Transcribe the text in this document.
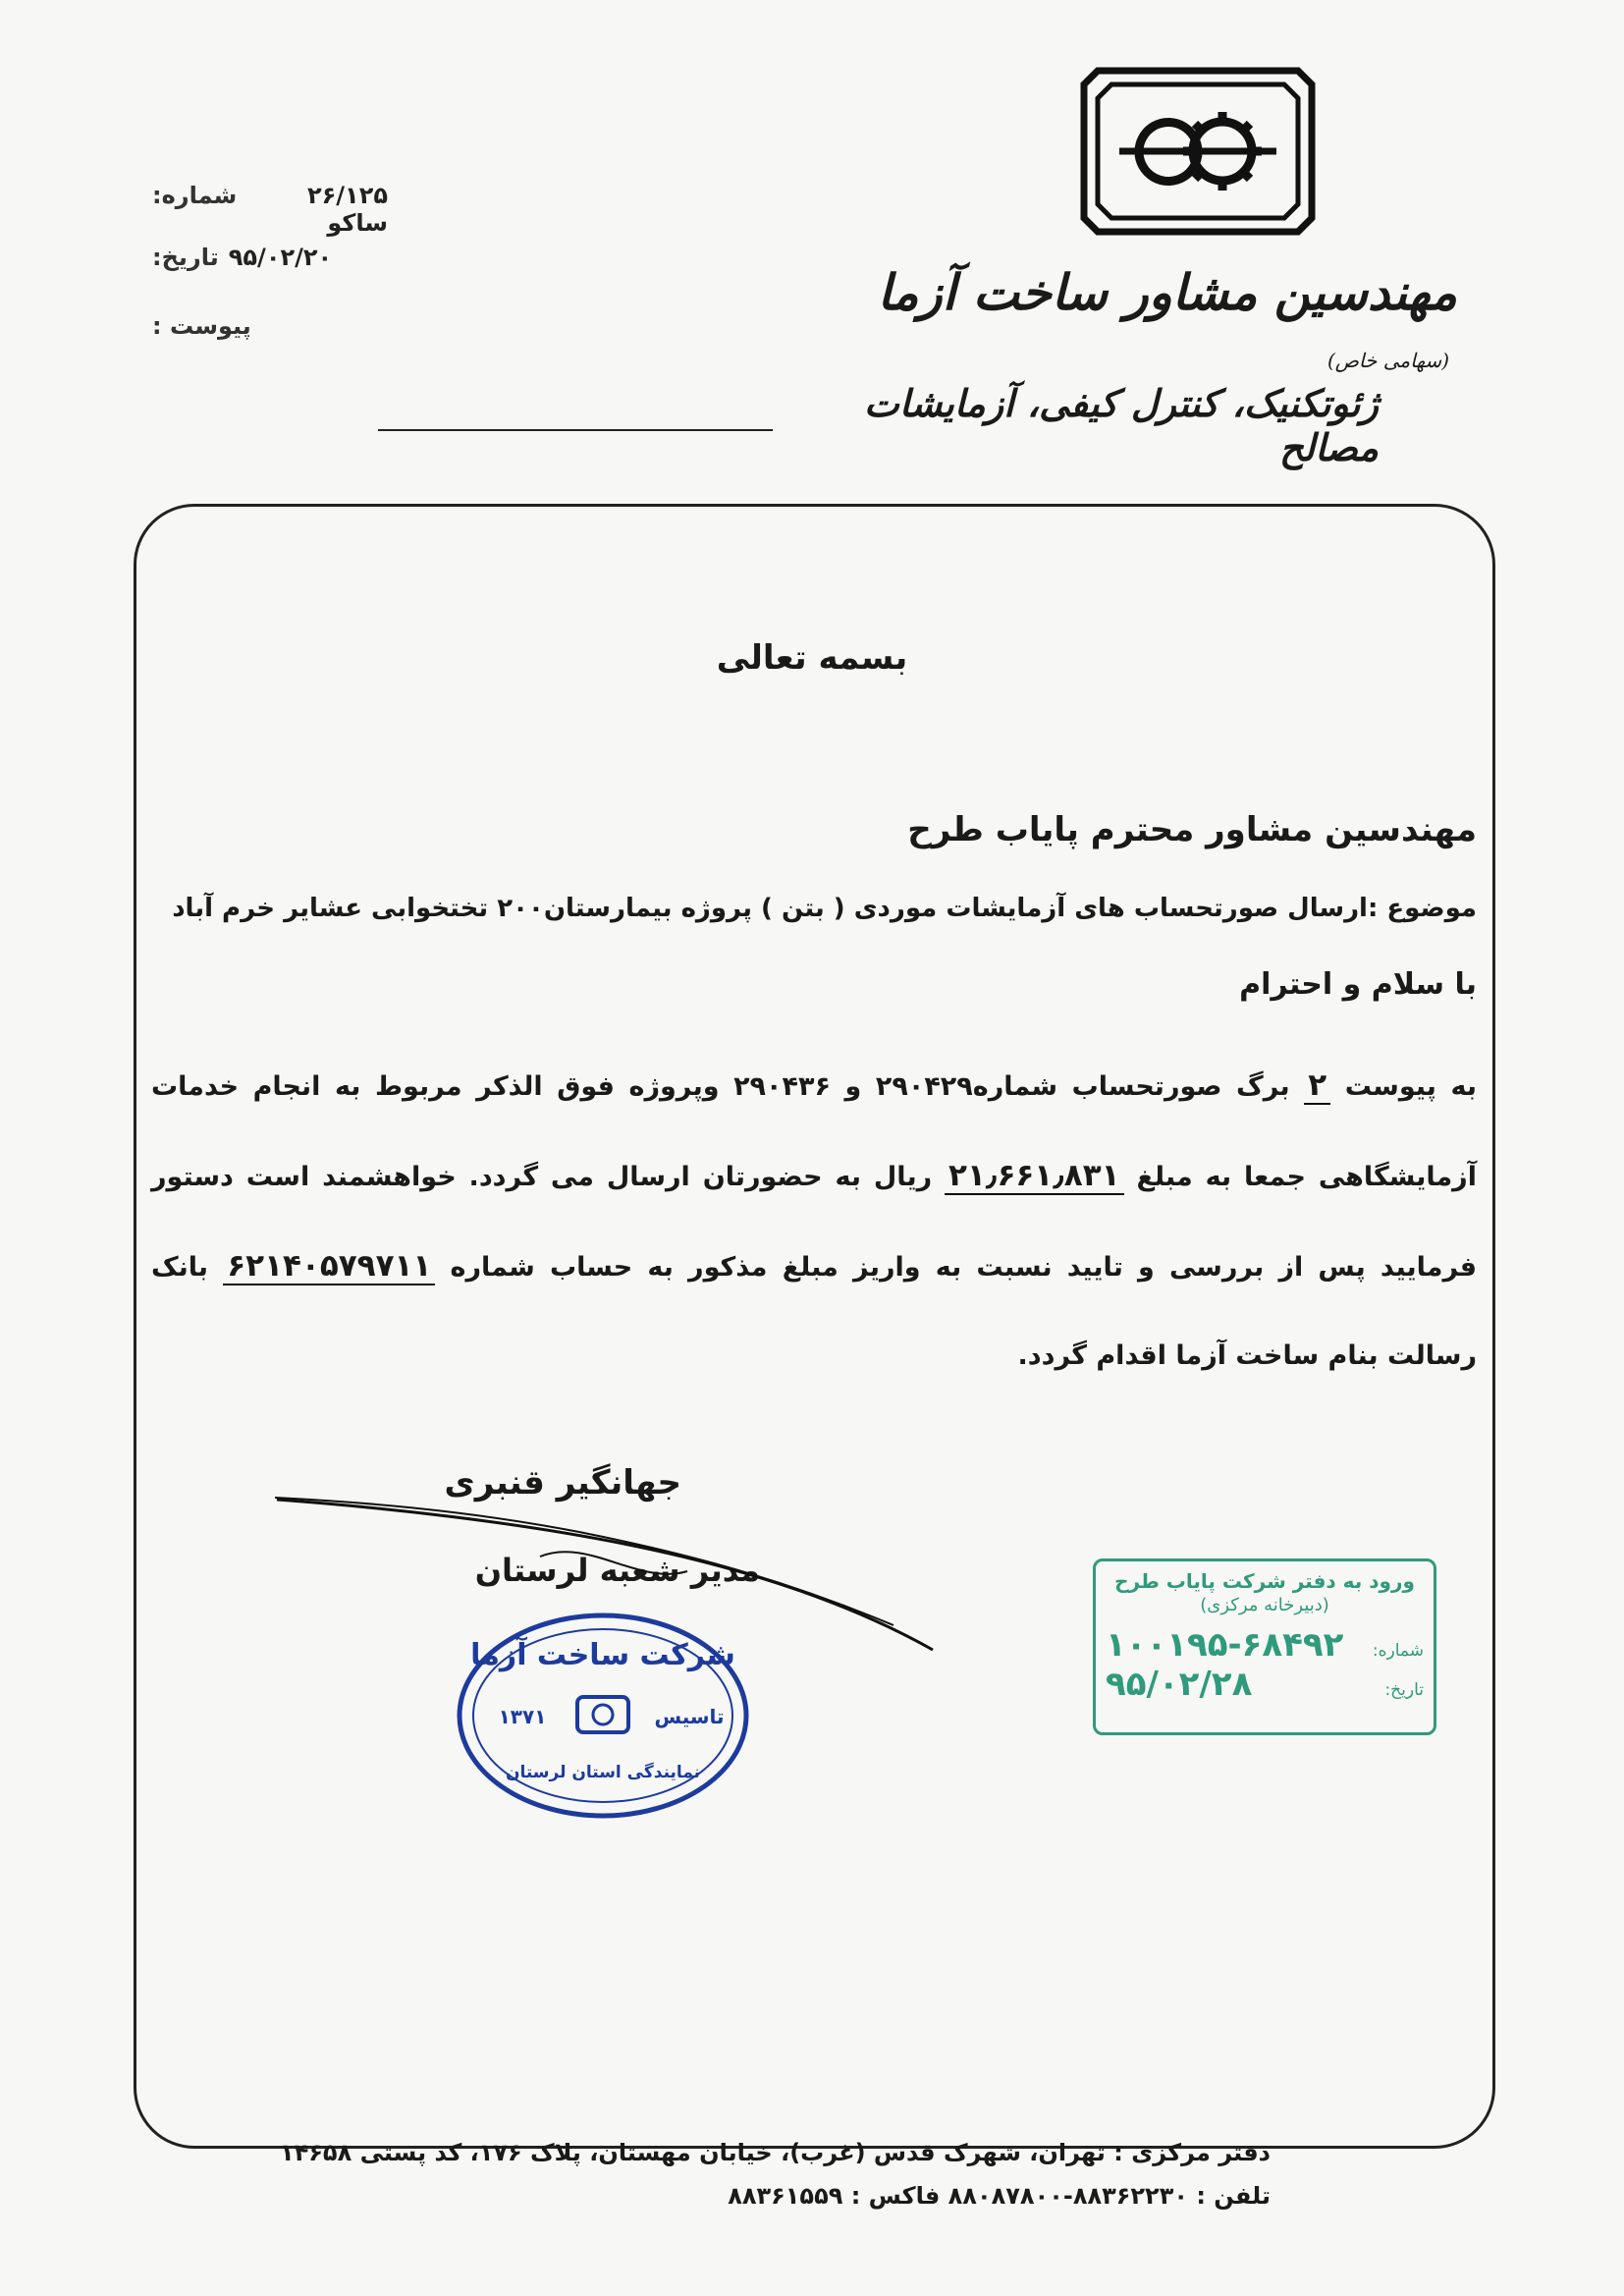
مهندسین مشاور ساخت آزما (سهامی خاص)
ژئوتکنیک، کنترل کیفی، آزمایشات مصالح
شماره:	۲۶/۱۲۵ ساکو
تاریخ: ۹۵/۰۲/۲۰
پیوست :
بسمه تعالی
مهندسین مشاور محترم پایاب طرح
موضوع :ارسال صورتحساب های آزمایشات موردی ( بتن ) پروژه بیمارستان۲۰۰ تختخوابی عشایر خرم آباد
با سلام و احترام
به پیوست ۲ برگ صورتحساب شماره۲۹۰۴۲۹ و ۲۹۰۴۳۶ وپروژه فوق الذکر مربوط به انجام خدمات آزمایشگاهی جمعا به مبلغ ۲۱٫۶۶۱٫۸۳۱ ریال به حضورتان ارسال می گردد. خواهشمند است دستور فرمایید پس از بررسی و تایید نسبت به واریز مبلغ مذکور به حساب شماره ۶۲۱۴۰۵۷۹۷۱۱ بانک رسالت بنام ساخت آزما اقدام گردد.
جهانگیر قنبری
مدیر شعبه لرستان
شرکت ساخت آزما
تاسیس
۱۳۷۱
نمایندگی استان لرستان
ورود به دفتر شرکت پایاب طرح
(دبیرخانه مرکزی)
شماره:
۱۰۰۱۹۵-۶۸۴۹۲
تاریخ:
۹۵/۰۲/۲۸
دفتر مرکزی : تهران، شهرک قدس (غرب)، خیابان مهستان، پلاک ۱۷۶، کد پستی ۱۴۶۵۸
تلفن : ۸۸۳۶۲۲۳۰-۸۸۰۸۷۸۰۰ فاکس : ۸۸۳۶۱۵۵۹
